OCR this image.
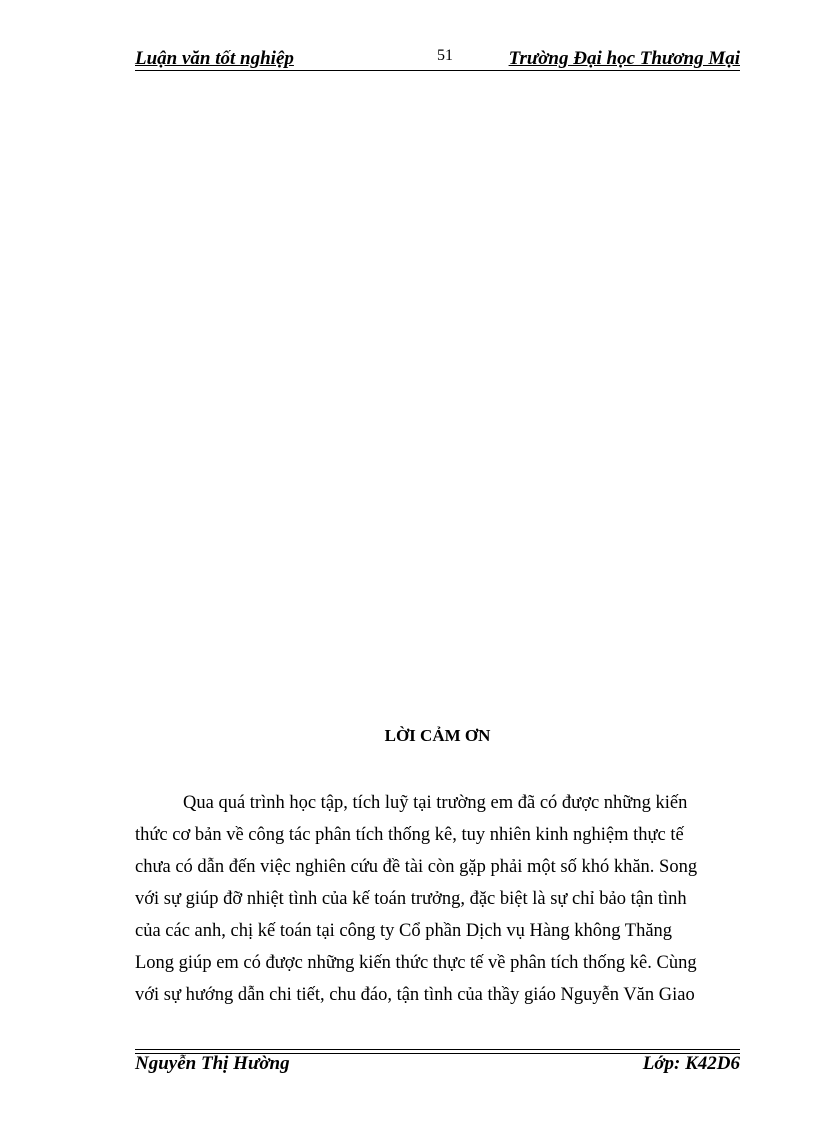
Luận văn tốt nghiệp	51	Trường Đại học Thương Mại
LỜI CẢM ƠN
Qua quá trình học tập, tích luỹ tại trường em đã có được những kiến
thức cơ bản về công tác phân tích thống kê, tuy nhiên kinh nghiệm thực tế
chưa có dẫn đến việc nghiên cứu đề tài còn gặp phải một số khó khăn. Song
với sự giúp đỡ nhiệt tình của kế toán trưởng, đặc biệt là sự chỉ bảo tận tình
của các anh, chị kế toán tại công ty Cổ phần Dịch vụ Hàng không Thăng
Long giúp em có được những kiến thức thực tế về phân tích thống kê. Cùng
với sự hướng dẫn chi tiết, chu đáo, tận tình của thầy giáo Nguyễn Văn Giao
Nguyễn Thị Hường	Lớp: K42D6
